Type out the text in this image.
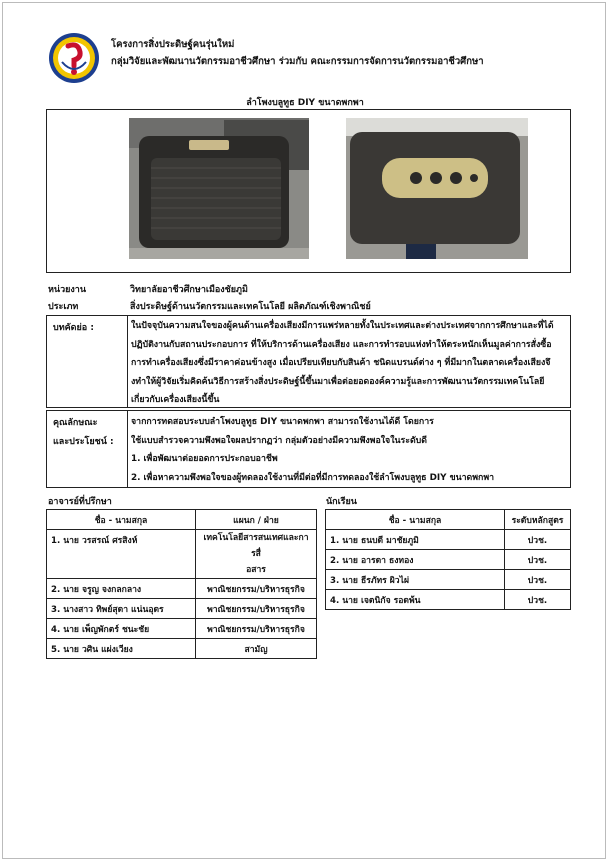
โครงการสิ่งประดิษฐ์คนรุ่นใหม่
กลุ่มวิจัยและพัฒนานวัตกรรมอาชีวศึกษา ร่วมกับ คณะกรรมการจัดการนวัตกรรมอาชีวศึกษา
ลำโพงบลูทูธ DIY ขนาดพกพา
หน่วยงาน	วิทยาลัยอาชีวศึกษาเมืองชัยภูมิ
ประเภท	สิ่งประดิษฐ์ด้านนวัตกรรมและเทคโนโลยี ผลิตภัณฑ์เชิงพาณิชย์
บทคัดย่อ :	ในปัจจุบันความสนใจของผู้คนด้านเครื่องเสียงมีการแพร่หลายทั้งในประเทศและต่างประเทศจากการศึกษาและที่ได้
ปฏิบัติงานกับสถานประกอบการ ที่ให้บริการด้านเครื่องเสียง และการทำรอบแห่งทำให้ตระหนักเห็นมูลค่าการสั่งซื้อ
การทำเครื่องเสียงซึ่งมีราคาค่อนข้างสูง เมื่อเปรียบเทียบกับสินค้า ชนิดแบรนด์ต่าง ๆ ที่มีมากในตลาดเครื่องเสียงจึ
งทำให้ผู้วิจัยเริ่มคิดค้นวิธีการสร้างสิ่งประดิษฐ์นี้ขึ้นมาเพื่อต่อยอดองค์ความรู้และการพัฒนานวัตกรรมเทคโนโลยี
เกี่ยวกับเครื่องเสียงนี้ขึ้น
คุณลักษณะ
และประโยชน์ :
จากการทดสอบระบบลำโพงบลูทูธ DIY ขนาดพกพา สามารถใช้งานได้ดี โดยการ
ใช้แบบสำรวจความพึงพอใจผลปรากฏว่า กลุ่มตัวอย่างมีความพึงพอใจในระดับดี
1. เพื่อพัฒนาต่อยอดการประกอบอาชีพ
2. เพื่อหาความพึงพอใจของผู้ทดลองใช้งานที่มีต่อที่มีการทดลองใช้ลำโพงบลูทูธ DIY ขนาดพกพา
อาจารย์ที่ปรึกษา
ชื่อ - นามสกุล	แผนก / ฝ่าย
1. นาย วรสรณ์ ศรสิงห์	เทคโนโลยีสารสนเทศและการสื่
อสาร

2. นาย จรูญ จงกลกลาง	พาณิชยกรรม/บริหารธุรกิจ
3. นางสาว ทิพย์สุดา แน่นอุดร	พาณิชยกรรม/บริหารธุรกิจ
4. นาย เพ็ญพักตร์ ชนะชัย	พาณิชยกรรม/บริหารธุรกิจ
5. นาย วศิน แผ่งเวียง	สามัญ
นักเรียน
ชื่อ - นามสกุล	ระดับหลักสูตร
1. นาย ธนบดี มาชัยภูมิ	ปวช.
2. นาย อารดา ธงทอง	ปวช.
3. นาย ธีรภัทร ผิวไผ่	ปวช.
4. นาย เจตนิกัจ รอดพ้น	ปวช.
